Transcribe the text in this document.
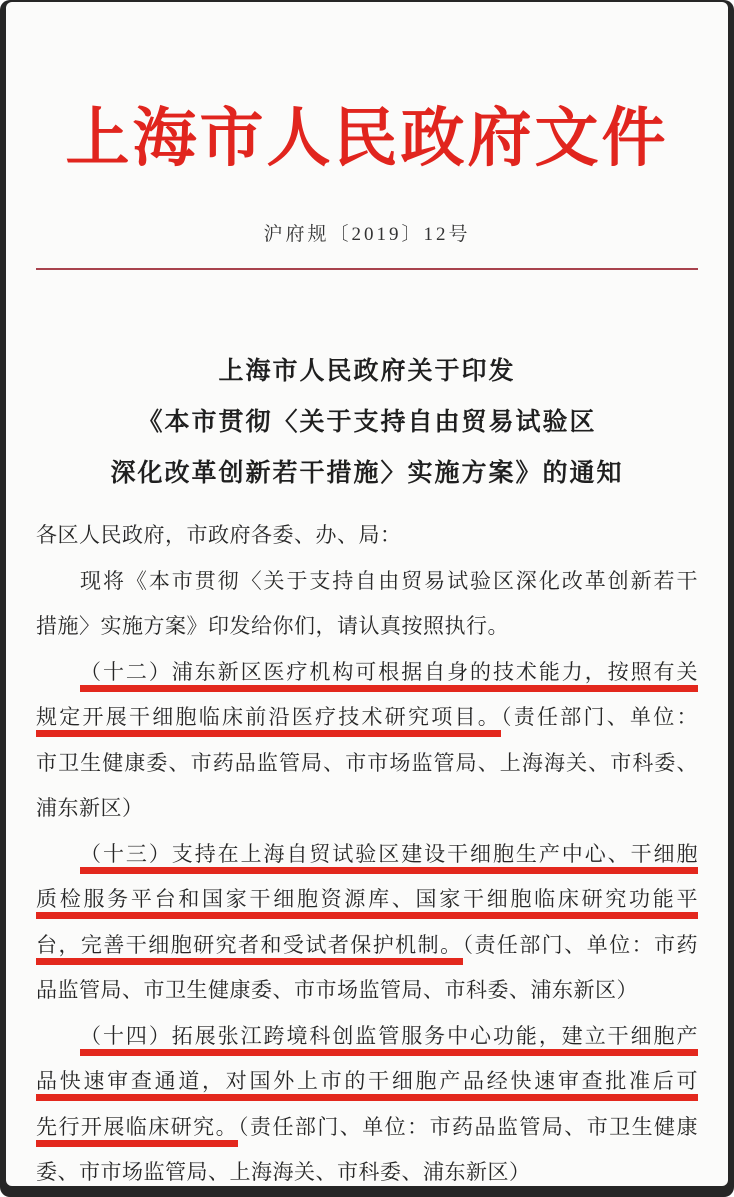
上海市人民政府文件
沪府规〔2019〕12号
上海市人民政府关于印发
《本市贯彻〈关于支持自由贸易试验区
深化改革创新若干措施〉实施方案》的通知
各区人民政府，市政府各委、办、局：
现将《本市贯彻〈关于支持自由贸易试验区深化改革创新若干
措施〉实施方案》印发给你们，请认真按照执行。
（十二）浦东新区医疗机构可根据自身的技术能力，按照有关
规定开展干细胞临床前沿医疗技术研究项目。（责任部门、单位：
市卫生健康委、市药品监管局、市市场监管局、上海海关、市科委、
浦东新区）
（十三）支持在上海自贸试验区建设干细胞生产中心、干细胞
质检服务平台和国家干细胞资源库、国家干细胞临床研究功能平
台，完善干细胞研究者和受试者保护机制。（责任部门、单位：市药
品监管局、市卫生健康委、市市场监管局、市科委、浦东新区）
（十四）拓展张江跨境科创监管服务中心功能，建立干细胞产
品快速审查通道，对国外上市的干细胞产品经快速审查批准后可
先行开展临床研究。（责任部门、单位：市药品监管局、市卫生健康
委、市市场监管局、上海海关、市科委、浦东新区）
